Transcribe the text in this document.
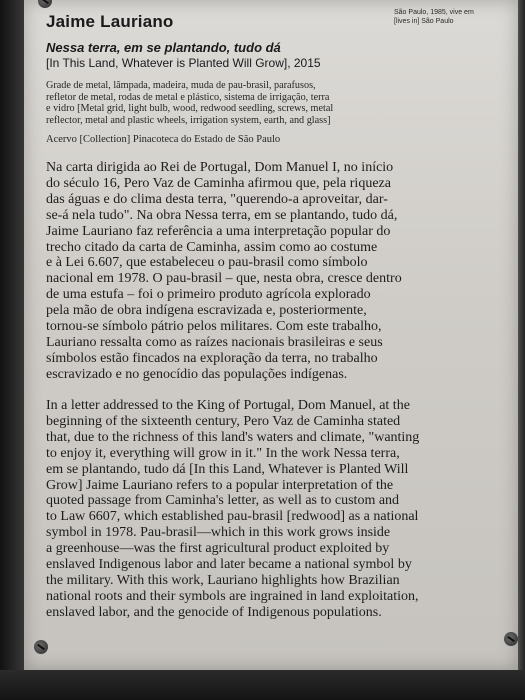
Jaime Lauriano	São Paulo, 1985, vive em
[lives in] São Paulo
Nessa terra, em se plantando, tudo dá
[In This Land, Whatever is Planted Will Grow], 2015
Grade de metal, lâmpada, madeira, muda de pau-brasil, parafusos,
refletor de metal, rodas de metal e plástico, sistema de irrigação, terra
e vidro [Metal grid, light bulb, wood, redwood seedling, screws, metal
reflector, metal and plastic wheels, irrigation system, earth, and glass]
Acervo [Collection] Pinacoteca do Estado de São Paulo
Na carta dirigida ao Rei de Portugal, Dom Manuel I, no início
do século 16, Pero Vaz de Caminha afirmou que, pela riqueza
das águas e do clima desta terra, "querendo-a aproveitar, dar-
se-á nela tudo". Na obra Nessa terra, em se plantando, tudo dá,
Jaime Lauriano faz referência a uma interpretação popular do
trecho citado da carta de Caminha, assim como ao costume
e à Lei 6.607, que estabeleceu o pau-brasil como símbolo
nacional em 1978. O pau-brasil – que, nesta obra, cresce dentro
de uma estufa – foi o primeiro produto agrícola explorado
pela mão de obra indígena escravizada e, posteriormente,
tornou-se símbolo pátrio pelos militares. Com este trabalho,
Lauriano ressalta como as raízes nacionais brasileiras e seus
símbolos estão fincados na exploração da terra, no trabalho
escravizado e no genocídio das populações indígenas.
In a letter addressed to the King of Portugal, Dom Manuel, at the
beginning of the sixteenth century, Pero Vaz de Caminha stated
that, due to the richness of this land's waters and climate, "wanting
to enjoy it, everything will grow in it." In the work Nessa terra,
em se plantando, tudo dá [In this Land, Whatever is Planted Will
Grow] Jaime Lauriano refers to a popular interpretation of the
quoted passage from Caminha's letter, as well as to custom and
to Law 6607, which established pau-brasil [redwood] as a national
symbol in 1978. Pau-brasil—which in this work grows inside
a greenhouse—was the first agricultural product exploited by
enslaved Indigenous labor and later became a national symbol by
the military. With this work, Lauriano highlights how Brazilian
national roots and their symbols are ingrained in land exploitation,
enslaved labor, and the genocide of Indigenous populations.
